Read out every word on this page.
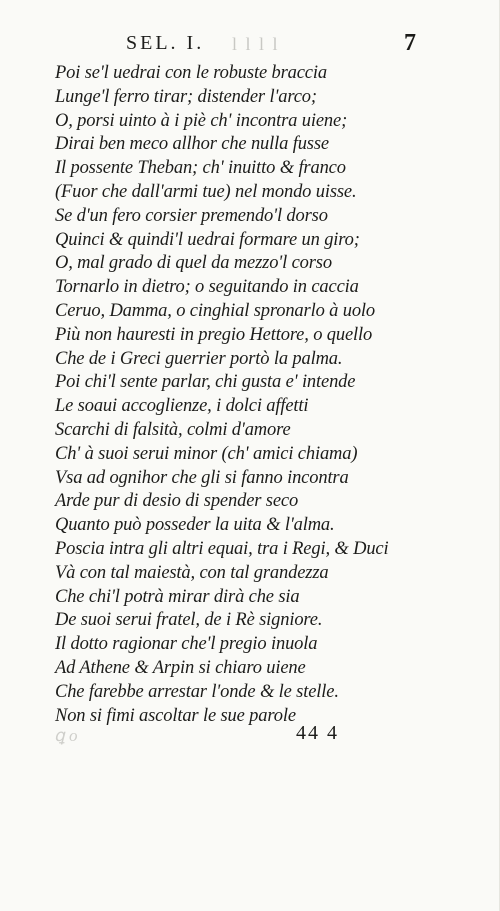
SEL. I. l l l l	7
Poi se'l uedrai con le robuste braccia
Lunge'l ferro tirar; distender l'arco;
O, porsi uinto à i piè ch' incontra uiene;
Dirai ben meco allhor che nulla fusse
Il possente Theban; ch' inuitto & franco
(Fuor che dall'armi tue) nel mondo uisse.
Se d'un fero corsier premendo'l dorso
Quinci & quindi'l uedrai formare un giro;
O, mal grado di quel da mezzo'l corso
Tornarlo in dietro; o seguitando in caccia
Ceruo, Damma, o cinghial spronarlo à uolo
Più non hauresti in pregio Hettore, o quello
Che de i Greci guerrier portò la palma.
Poi chi'l sente parlar, chi gusta e' intende
Le soaui accoglienze, i dolci affetti
Scarchi di falsità, colmi d'amore
Ch' à suoi serui minor (ch' amici chiama)
Vsa ad ognihor che gli si fanno incontra
Arde pur di desio di spender seco
Quanto può posseder la uita & l'alma.
Poscia intra gli altri equai, tra i Regi, & Duci
Và con tal maiestà, con tal grandezza
Che chi'l potrà mirar dirà che sia
De suoi serui fratel, de i Rè signiore.
Il dotto ragionar che'l pregio inuola
Ad Athene & Arpin si chiaro uiene
Che farebbe arrestar l'onde & le stelle.
Non si fimi ascoltar le sue parole
ꝗ o	44 4
